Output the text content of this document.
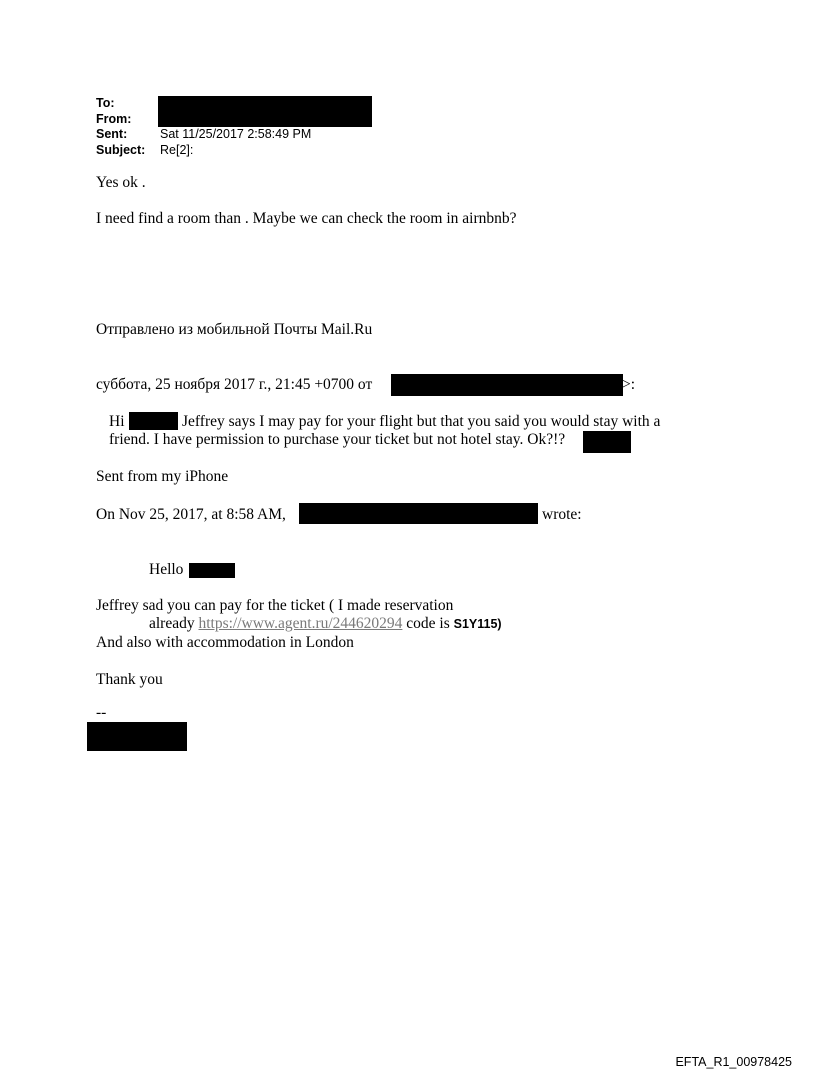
To:
From:
Sent:	Sat 11/25/2017 2:58:49 PM
Subject:	Re[2]:
Yes ok .
I need find a room than . Maybe we can check the room in airnbnb?
Отправлено из мобильной Почты Mail.Ru
суббота, 25 ноября 2017 г., 21:45 +0700 от	>:
Hi	Jeffrey says I may pay for your flight but that you said you would stay with a
friend. I have permission to purchase your ticket but not hotel stay. Ok?!?
Sent from my iPhone
On Nov 25, 2017, at 8:58 AM,	wrote:
Hello
Jeffrey sad you can pay for the ticket ( I made reservation
already https://www.agent.ru/244620294 code is S1Y115)
And also with accommodation in London
Thank you
--
EFTA_R1_00978425
